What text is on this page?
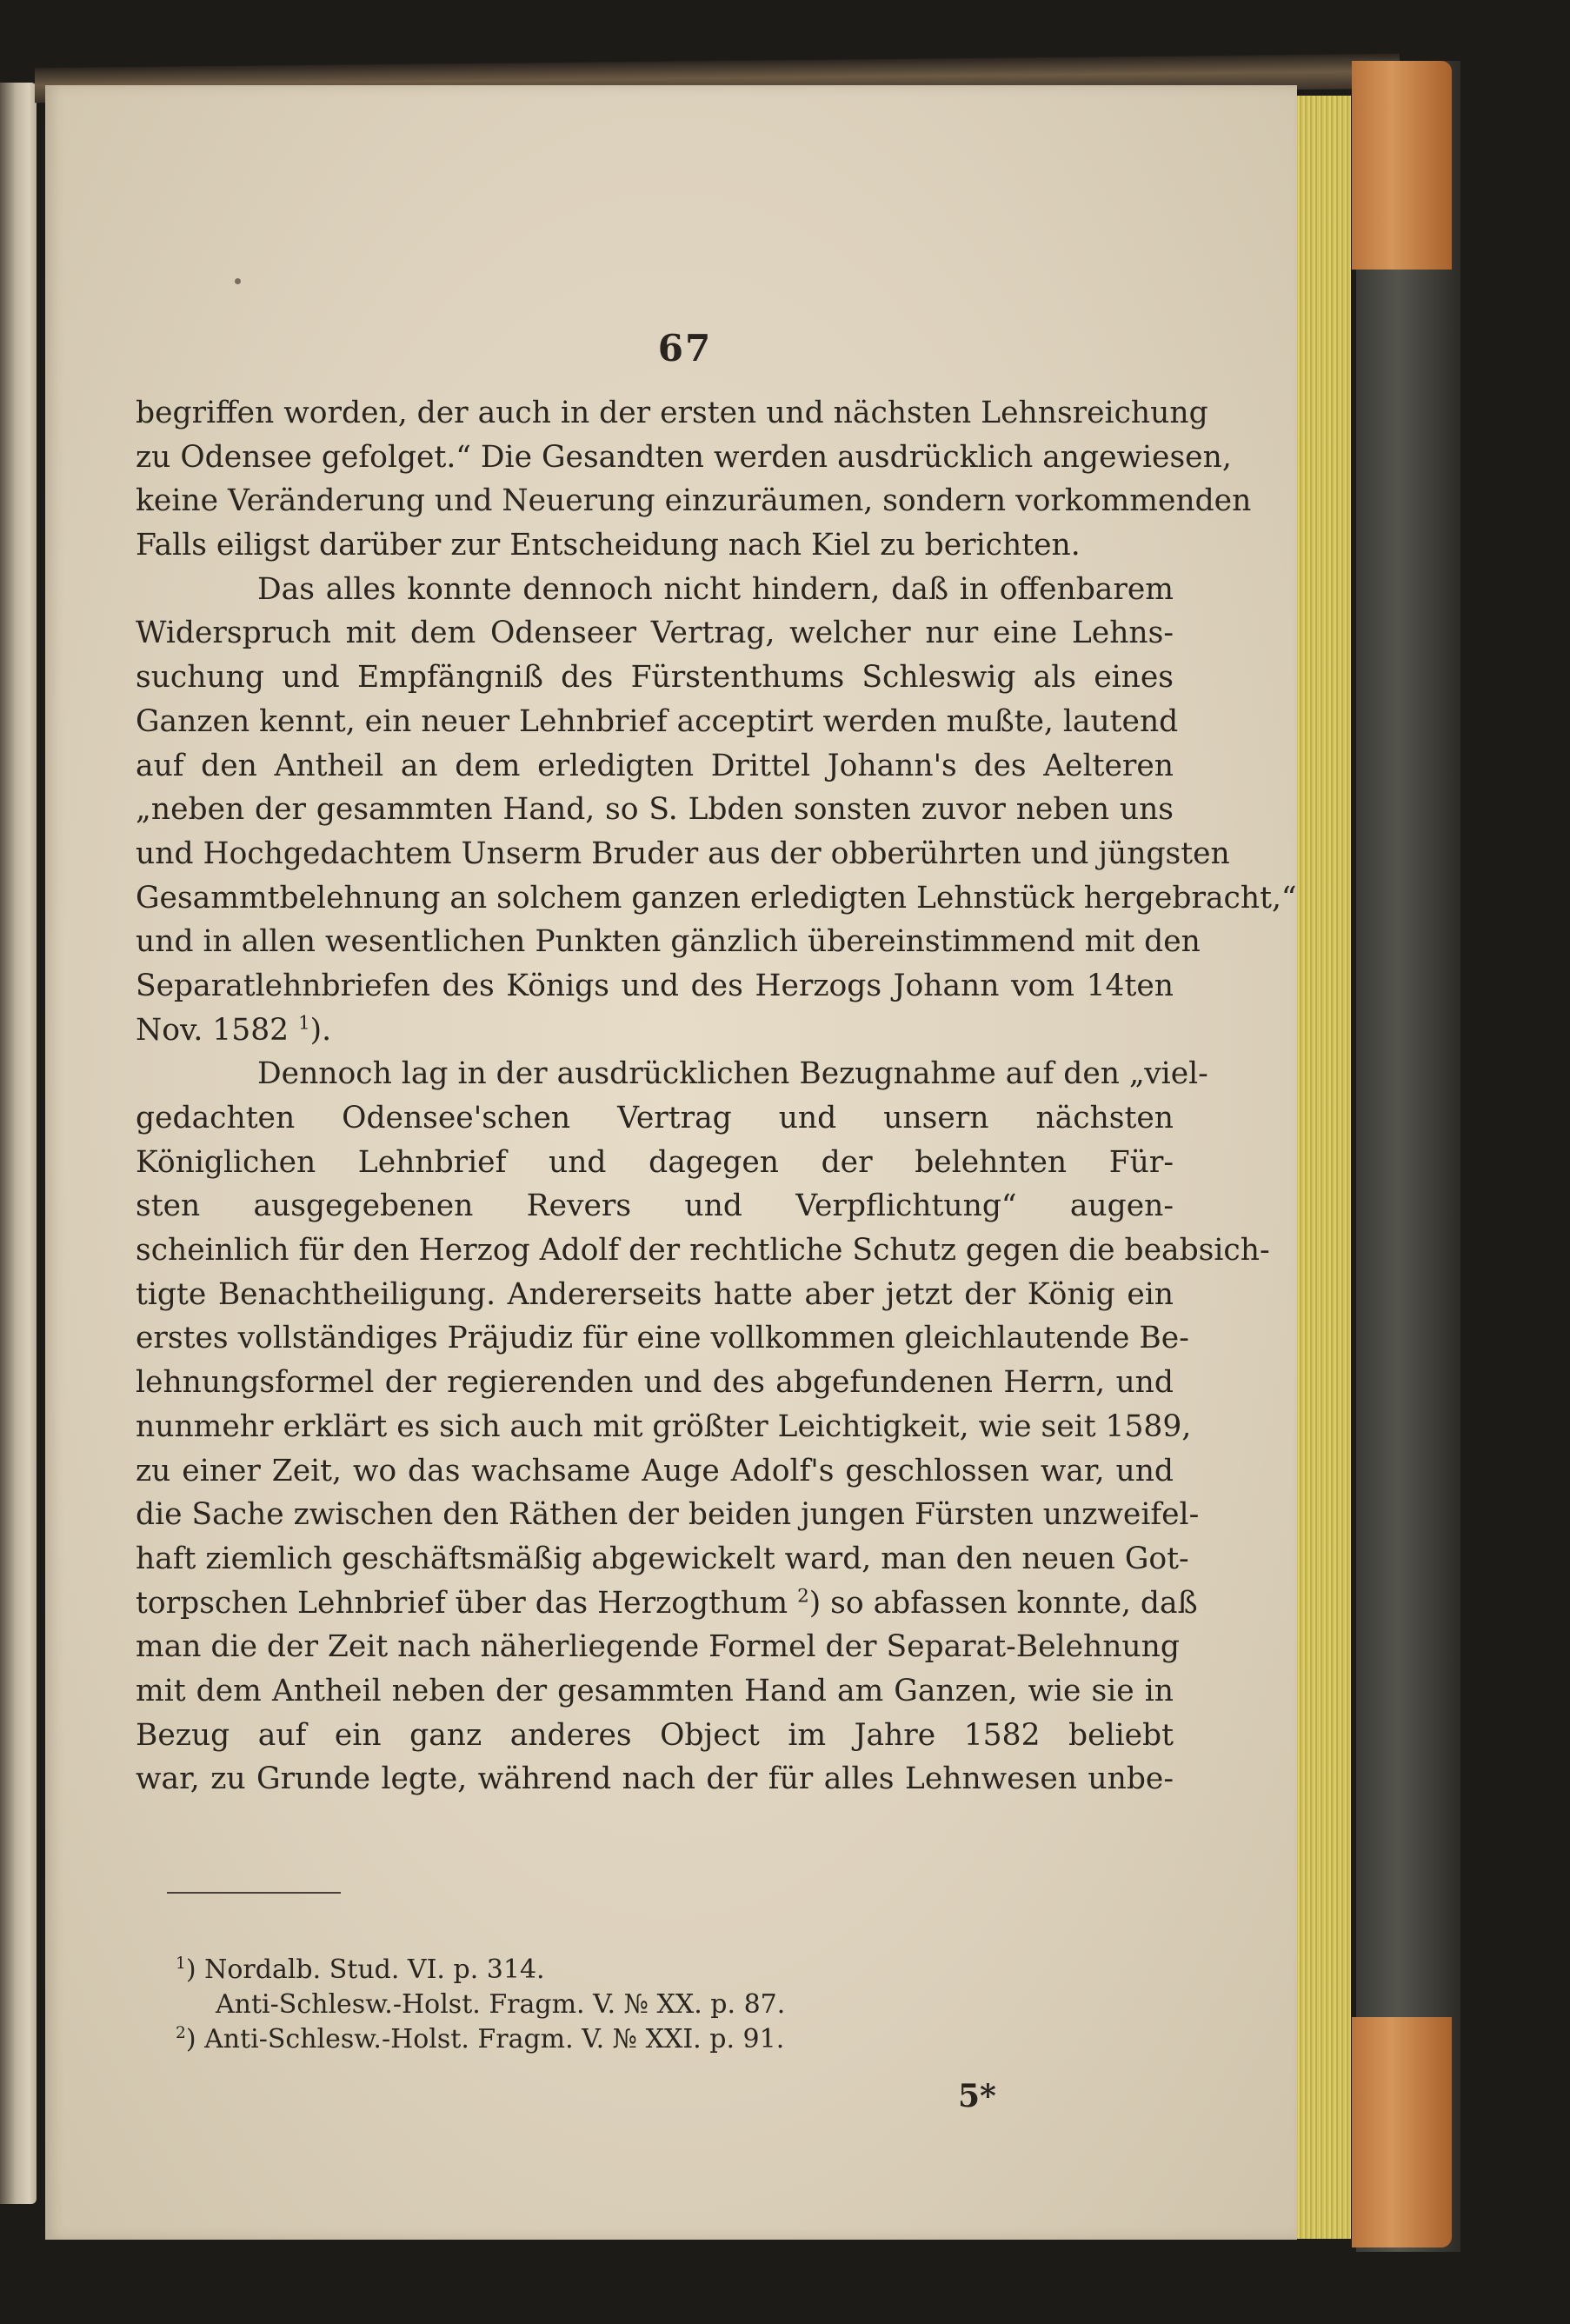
67
begriffen worden, der auch in der ersten und nächsten Lehnsreichung
zu Odensee gefolget.“ Die Gesandten werden ausdrücklich angewiesen,
keine Veränderung und Neuerung einzuräumen, sondern vorkommenden
Falls eiligst darüber zur Entscheidung nach Kiel zu berichten.
Das alles konnte dennoch nicht hindern, daß in offenbarem
Widerspruch mit dem Odenseer Vertrag, welcher nur eine Lehns-
suchung und Empfängniß des Fürstenthums Schleswig als eines
Ganzen kennt, ein neuer Lehnbrief acceptirt werden mußte, lautend
auf den Antheil an dem erledigten Drittel Johann's des Aelteren
„neben der gesammten Hand, so S. Lbden sonsten zuvor neben uns
und Hochgedachtem Unserm Bruder aus der obberührten und jüngsten
Gesammtbelehnung an solchem ganzen erledigten Lehnstück hergebracht,“
und in allen wesentlichen Punkten gänzlich übereinstimmend mit den
Separatlehnbriefen des Königs und des Herzogs Johann vom 14ten
Nov. 1582 $^1$).
Dennoch lag in der ausdrücklichen Bezugnahme auf den „viel-
gedachten Odensee'schen Vertrag und unsern nächsten
Königlichen Lehnbrief und dagegen der belehnten Für-
sten ausgegebenen Revers und Verpflichtung“ augen-
scheinlich für den Herzog Adolf der rechtliche Schutz gegen die beabsich-
tigte Benachtheiligung. Andererseits hatte aber jetzt der König ein
erstes vollständiges Präjudiz für eine vollkommen gleichlautende Be-
lehnungsformel der regierenden und des abgefundenen Herrn, und
nunmehr erklärt es sich auch mit größter Leichtigkeit, wie seit 1589,
zu einer Zeit, wo das wachsame Auge Adolf's geschlossen war, und
die Sache zwischen den Räthen der beiden jungen Fürsten unzweifel-
haft ziemlich geschäftsmäßig abgewickelt ward, man den neuen Got-
torpschen Lehnbrief über das Herzogthum $^2$) so abfassen konnte, daß
man die der Zeit nach näherliegende Formel der Separat-Belehnung
mit dem Antheil neben der gesammten Hand am Ganzen, wie sie in
Bezug auf ein ganz anderes Object im Jahre 1582 beliebt
war, zu Grunde legte, während nach der für alles Lehnwesen unbe-
$^1$) Nordalb. Stud. VI. p. 314.
Anti-Schlesw.-Holst. Fragm. V. № XX. p. 87.
$^2$) Anti-Schlesw.-Holst. Fragm. V. № XXI. p. 91.
5*
